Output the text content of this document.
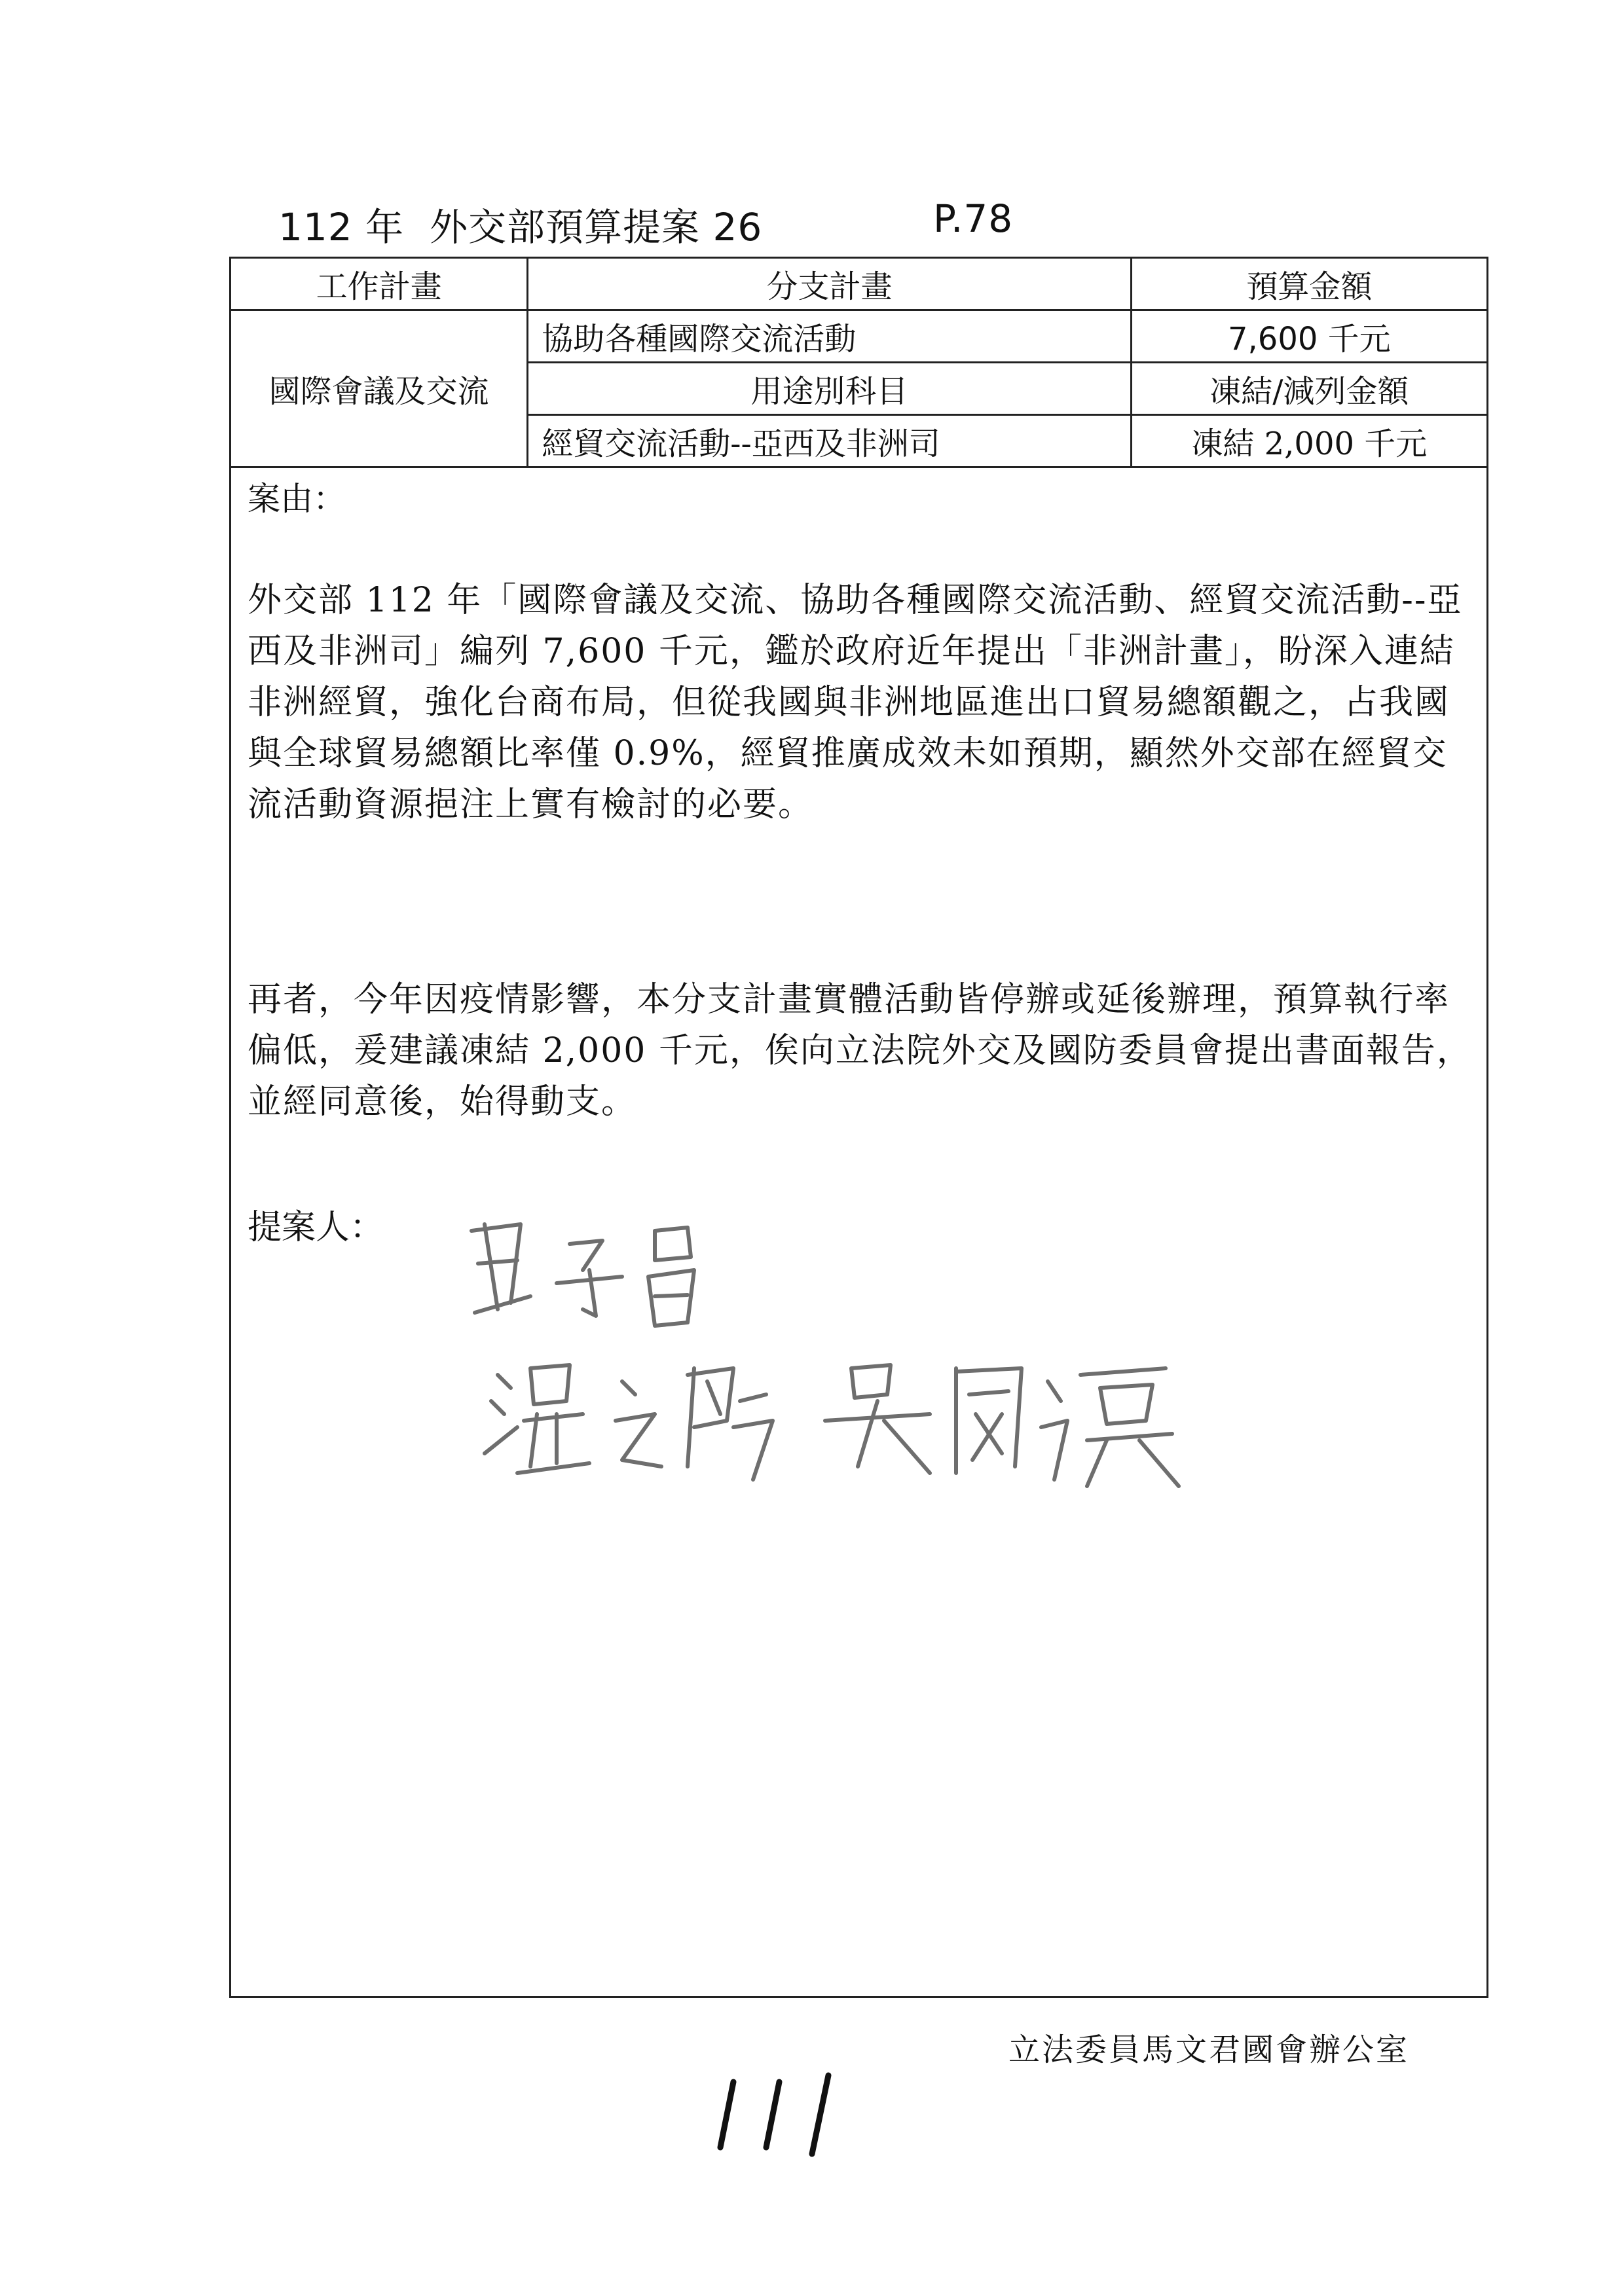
112 年  外交部預算提案 26	P.78
工作計畫	分支計畫	預算金額
國際會議及交流	協助各種國際交流活動	7,600 千元
	用途別科目	凍結/減列金額
	經貿交流活動--亞西及非洲司	凍結 2,000 千元
案由：

外交部 112 年「國際會議及交流、協助各種國際交流活動、經貿交流活動--亞西及非洲司」編列 7,600 千元，鑑於政府近年提出「非洲計畫」，盼深入連結非洲經貿，強化台商布局，但從我國與非洲地區進出口貿易總額觀之，占我國與全球貿易總額比率僅 0.9%，經貿推廣成效未如預期，顯然外交部在經貿交流活動資源挹注上實有檢討的必要。

再者，今年因疫情影響，本分支計畫實體活動皆停辦或延後辦理，預算執行率偏低，爰建議凍結 2,000 千元，俟向立法院外交及國防委員會提出書面報告，並經同意後，始得動支。

提案人：
立法委員馬文君國會辦公室
